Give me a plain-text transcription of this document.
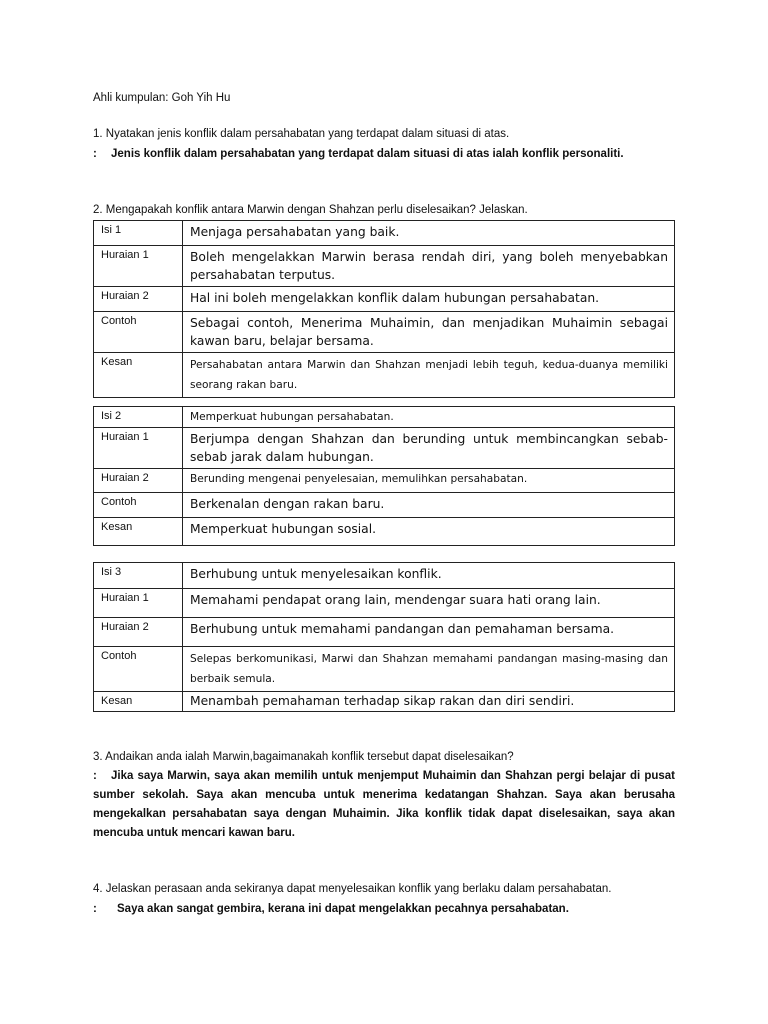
Ahli kumpulan: Goh Yih Hu
1. Nyatakan jenis konflik dalam persahabatan yang terdapat dalam situasi di atas.
: Jenis konflik dalam persahabatan yang terdapat dalam situasi di atas ialah konflik personaliti.
2. Mengapakah konflik antara Marwin dengan Shahzan perlu diselesaikan? Jelaskan.
Isi 1	Menjaga persahabatan yang baik.
Huraian 1	Boleh mengelakkan Marwin berasa rendah diri, yang boleh menyebabkan persahabatan terputus.
Huraian 2	Hal ini boleh mengelakkan konflik dalam hubungan persahabatan.
Contoh	Sebagai contoh, Menerima Muhaimin, dan menjadikan Muhaimin sebagai kawan baru, belajar bersama.
Kesan	Persahabatan antara Marwin dan Shahzan menjadi lebih teguh, kedua-duanya memiliki seorang rakan baru.
Isi 2	Memperkuat hubungan persahabatan.
Huraian 1	Berjumpa dengan Shahzan dan berunding untuk membincangkan sebab-sebab jarak dalam hubungan.
Huraian 2	Berunding mengenai penyelesaian, memulihkan persahabatan.
Contoh	Berkenalan dengan rakan baru.
Kesan	Memperkuat hubungan sosial.
Isi 3	Berhubung untuk menyelesaikan konflik.
Huraian 1	Memahami pendapat orang lain, mendengar suara hati orang lain.
Huraian 2	Berhubung untuk memahami pandangan dan pemahaman bersama.
Contoh	Selepas berkomunikasi, Marwi dan Shahzan memahami pandangan masing-masing dan berbaik semula.
Kesan	Menambah pemahaman terhadap sikap rakan dan diri sendiri.
3. Andaikan anda ialah Marwin,bagaimanakah konflik tersebut dapat diselesaikan?
: Jika saya Marwin, saya akan memilih untuk menjemput Muhaimin dan Shahzan pergi belajar di pusat sumber sekolah. Saya akan mencuba untuk menerima kedatangan Shahzan. Saya akan berusaha mengekalkan persahabatan saya dengan Muhaimin. Jika konflik tidak dapat diselesaikan, saya akan mencuba untuk mencari kawan baru.
4. Jelaskan perasaan anda sekiranya dapat menyelesaikan konflik yang berlaku dalam persahabatan.
: Saya akan sangat gembira, kerana ini dapat mengelakkan pecahnya persahabatan.
